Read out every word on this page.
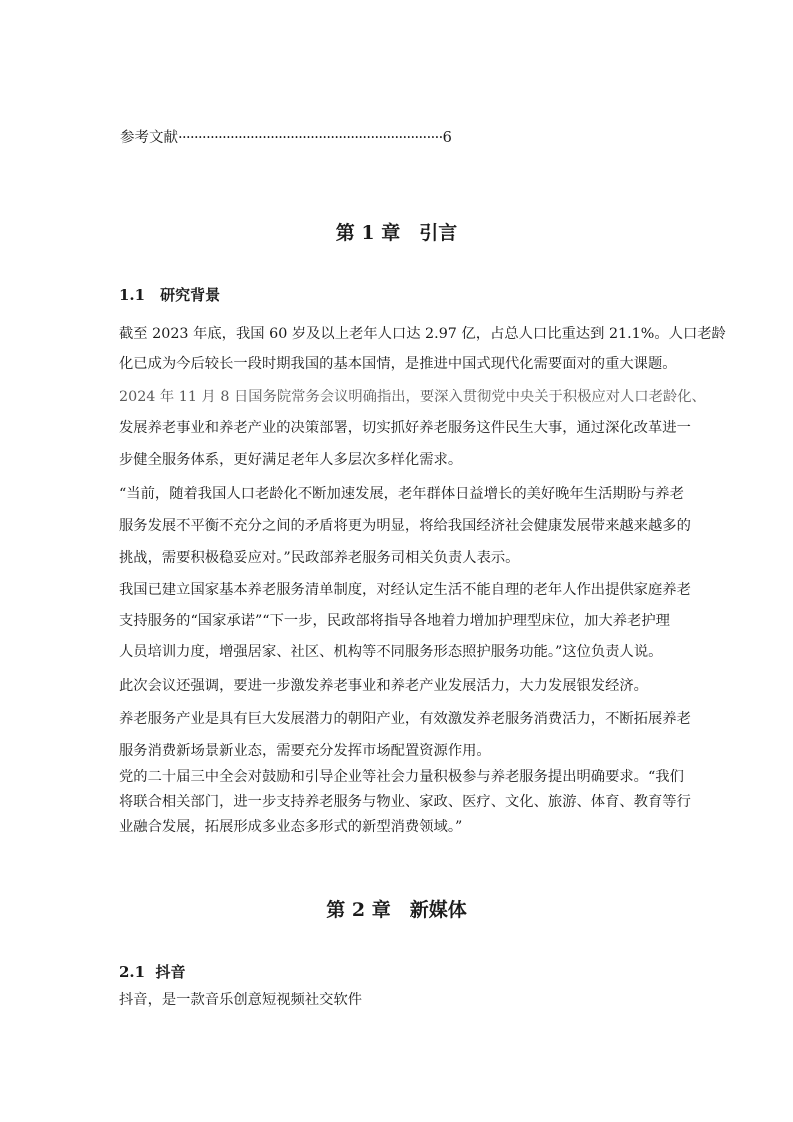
参考文献··································································6
第 1 章　引言
1.1　研究背景
截至 2023 年底，我国 60 岁及以上老年人口达 2.97 亿，占总人口比重达到 21.1%。人口老龄
化已成为今后较长一段时期我国的基本国情，是推进中国式现代化需要面对的重大课题。
2024 年 11 月 8 日国务院常务会议明确指出，要深入贯彻党中央关于积极应对人口老龄化、
发展养老事业和养老产业的决策部署，切实抓好养老服务这件民生大事，通过深化改革进一
步健全服务体系，更好满足老年人多层次多样化需求。
“当前，随着我国人口老龄化不断加速发展，老年群体日益增长的美好晚年生活期盼与养老
服务发展不平衡不充分之间的矛盾将更为明显，将给我国经济社会健康发展带来越来越多的
挑战，需要积极稳妥应对。”民政部养老服务司相关负责人表示。
我国已建立国家基本养老服务清单制度，对经认定生活不能自理的老年人作出提供家庭养老
支持服务的“国家承诺”“下一步，民政部将指导各地着力增加护理型床位，加大养老护理
人员培训力度，增强居家、社区、机构等不同服务形态照护服务功能。”这位负责人说。
此次会议还强调，要进一步激发养老事业和养老产业发展活力，大力发展银发经济。
养老服务产业是具有巨大发展潜力的朝阳产业，有效激发养老服务消费活力，不断拓展养老
服务消费新场景新业态，需要充分发挥市场配置资源作用。
党的二十届三中全会对鼓励和引导企业等社会力量积极参与养老服务提出明确要求。“我们
将联合相关部门，进一步支持养老服务与物业、家政、医疗、文化、旅游、体育、教育等行
业融合发展，拓展形成多业态多形式的新型消费领域。”
第 2 章　新媒体
2.1  抖音
抖音，是一款音乐创意短视频社交软件
